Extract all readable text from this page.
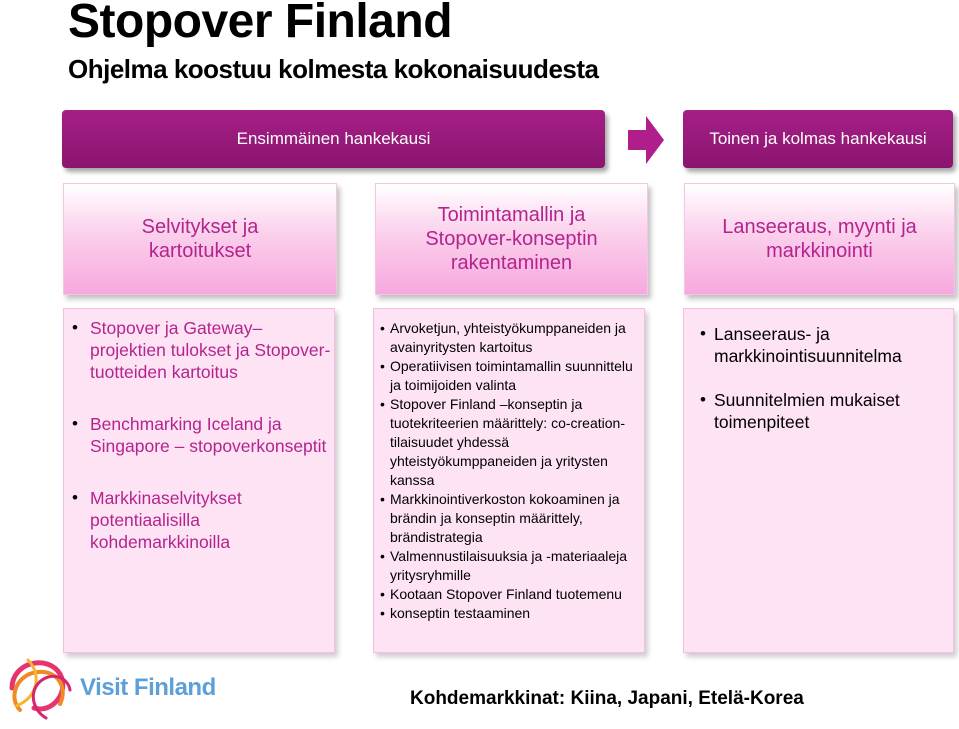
Stopover Finland
Ohjelma koostuu kolmesta kokonaisuudesta
Ensimmäinen hankekausi	Toinen ja kolmas hankekausi
Selvitykset ja
kartoitukset
Toimintamallin ja
Stopover-konseptin
rakentaminen
Lanseeraus, myynti ja
markkinointi
• Stopover ja Gateway–projektien tulokset ja Stopover- tuotteiden kartoitus
• Benchmarking Iceland ja Singapore – stopoverkonseptit
• Markkinaselvitykset potentiaalisilla kohdemarkkinoilla
• Arvoketjun, yhteistyökumppaneiden ja avainyritysten kartoitus
• Operatiivisen toimintamallin suunnittelu ja toimijoiden valinta
• Stopover Finland –konseptin ja tuotekriteerien määrittely: co-creation- tilaisuudet yhdessä yhteistyökumppaneiden ja yritysten kanssa
• Markkinointiverkoston kokoaminen ja brändin ja konseptin määrittely, brändistrategia
• Valmennustilaisuuksia ja -materiaaleja yritysryhmille
• Kootaan Stopover Finland tuotemenu
• konseptin testaaminen
• Lanseeraus- ja markkinointisuunnitelma
• Suunnitelmien mukaiset toimenpiteet
Visit Finland	Kohdemarkkinat: Kiina, Japani, Etelä-Korea
